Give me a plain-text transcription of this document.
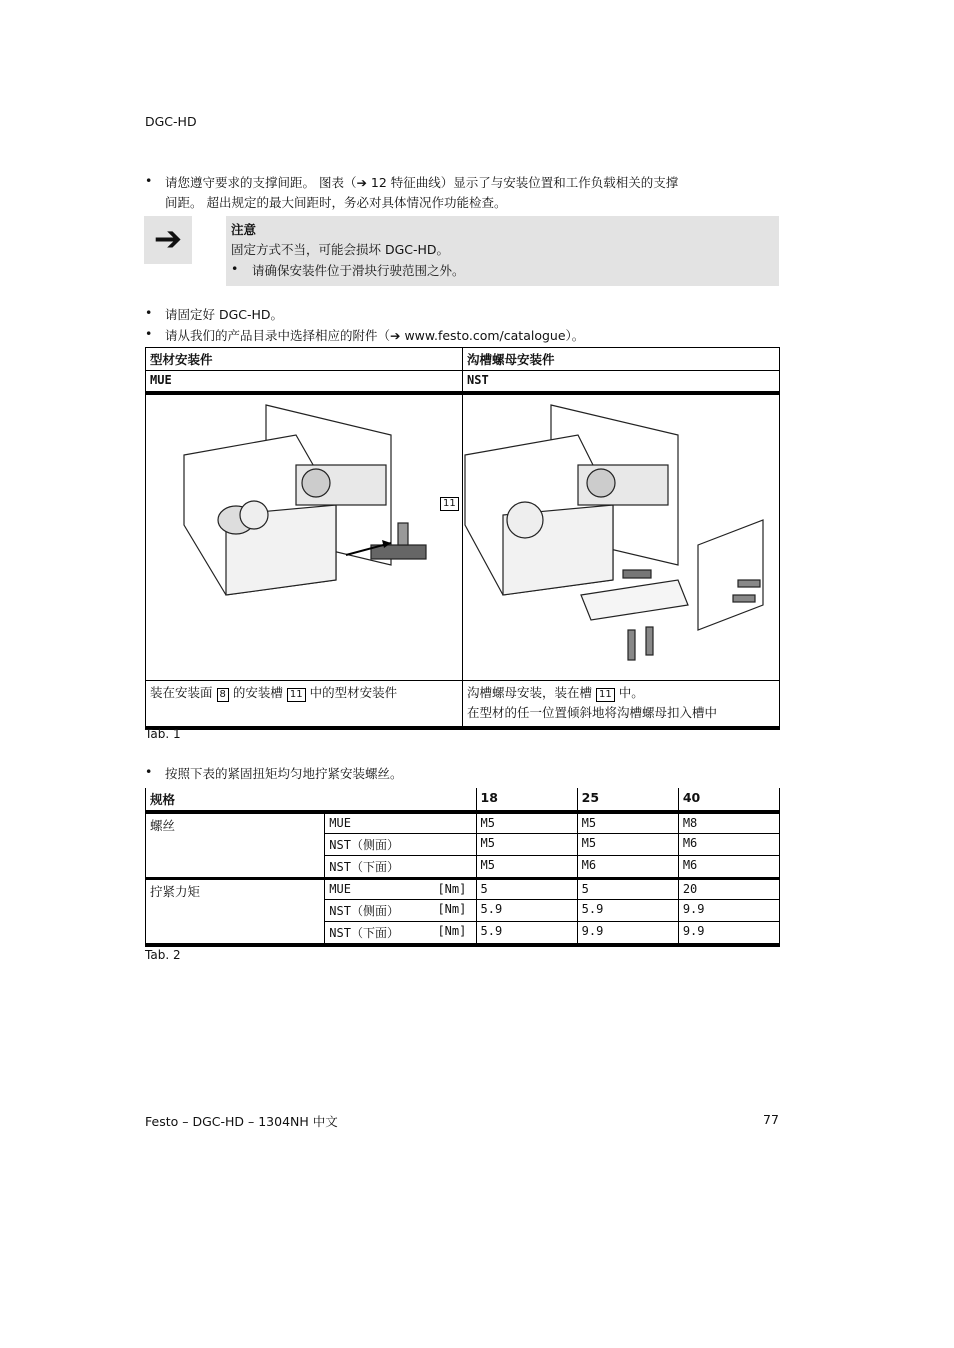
DGC-HD
请您遵守要求的支撑间距。 图表（➔ 12 特征曲线）显示了与安装位置和工作负载相关的支撑
间距。 超出规定的最大间距时，务必对具体情况作功能检查。
➔	注意
固定方式不当，可能会损坏 DGC-HD。
• 请确保安装件位于滑块行驶范围之外。
请固定好 DGC-HD。
请从我们的产品目录中选择相应的附件（➔ www.festo.com/catalogue）。
型材安装件	沟槽螺母安装件
MUE	NST

11

装在安装面 8 的安装槽 11 中的型材安装件	沟槽螺母安装，装在槽 11 中。
在型材的任一位置倾斜地将沟槽螺母扣入槽中
Tab. 1
按照下表的紧固扭矩均匀地拧紧安装螺丝。
规格			18	25	40
螺丝	MUE		M5	M5	M8
	NST（侧面）		M5	M5	M6
	NST（下面）		M5	M6	M6
拧紧力矩	MUE	[Nm]	5	5	20
	NST（侧面）	[Nm]	5.9	5.9	9.9
	NST（下面）	[Nm]	5.9	9.9	9.9
Tab. 2
Festo – DGC-HD – 1304NH 中文	77
